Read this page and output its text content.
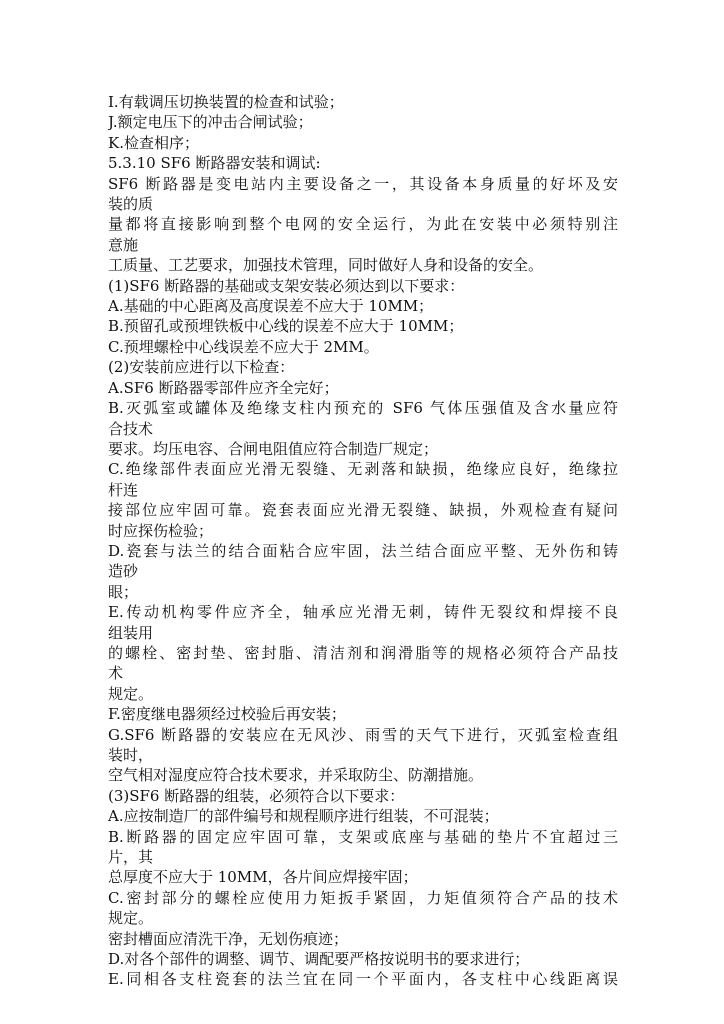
I.有载调压切换装置的检查和试验；
J.额定电压下的冲击合闸试验；
K.检查相序；
5.3.10 SF6 断路器安装和调试:
SF6 断路器是变电站内主要设备之一，其设备本身质量的好坏及安
装的质
量都将直接影响到整个电网的安全运行，为此在安装中必须特别注
意施
工质量、工艺要求，加强技术管理，同时做好人身和设备的安全。
(1)SF6 断路器的基础或支架安装必须达到以下要求：
A.基础的中心距离及高度误差不应大于 10MM；
B.预留孔或预埋铁板中心线的误差不应大于 10MM；
C.预埋螺栓中心线误差不应大于 2MM。
(2)安装前应进行以下检查：
A.SF6 断路器零部件应齐全完好；
B.灭弧室或罐体及绝缘支柱内预充的 SF6 气体压强值及含水量应符
合技术
要求。均压电容、合闸电阻值应符合制造厂规定；
C.绝缘部件表面应光滑无裂缝、无剥落和缺损，绝缘应良好，绝缘拉
杆连
接部位应牢固可靠。瓷套表面应光滑无裂缝、缺损，外观检查有疑问
时应探伤检验；
D.瓷套与法兰的结合面粘合应牢固，法兰结合面应平整、无外伤和铸
造砂
眼；
E.传动机构零件应齐全，轴承应光滑无刺，铸件无裂纹和焊接不良
组装用
的螺栓、密封垫、密封脂、清洁剂和润滑脂等的规格必须符合产品技
术
规定。
F.密度继电器须经过校验后再安装；
G.SF6 断路器的安装应在无风沙、雨雪的天气下进行，灭弧室检查组
装时，
空气相对湿度应符合技术要求，并采取防尘、防潮措施。
(3)SF6 断路器的组装，必须符合以下要求：
A.应按制造厂的部件编号和规程顺序进行组装，不可混装；
B.断路器的固定应牢固可靠，支架或底座与基础的垫片不宜超过三
片，其
总厚度不应大于 10MM，各片间应焊接牢固；
C.密封部分的螺栓应使用力矩扳手紧固，力矩值须符合产品的技术
规定。
密封槽面应清洗干净，无划伤痕迹；
D.对各个部件的调整、调节、调配要严格按说明书的要求进行；
E.同相各支柱瓷套的法兰宜在同一个平面内，各支柱中心线距离误
